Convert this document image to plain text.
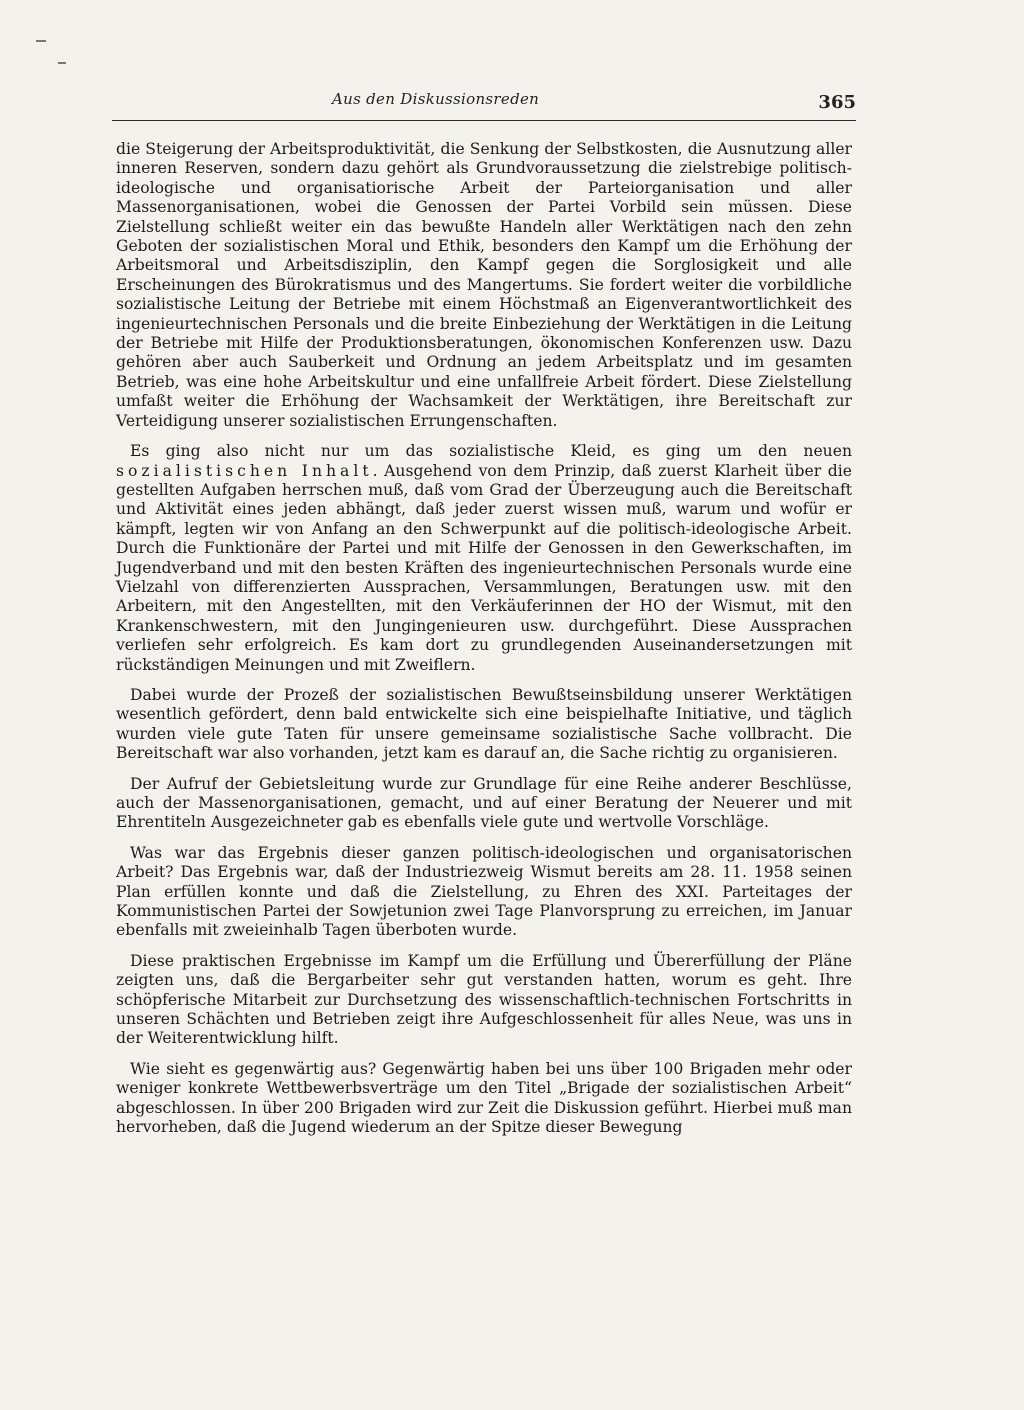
Aus den Diskussionsreden	365

die Steigerung der Arbeitsproduktivität, die Senkung der Selbstkosten, die Ausnutzung aller inneren Reserven, sondern dazu gehört als Grundvoraussetzung die zielstrebige politisch-ideologische und organisatiorische Arbeit der Parteiorganisation und aller Massenorganisationen, wobei die Genossen der Partei Vorbild sein müssen. Diese Zielstellung schließt weiter ein das bewußte Handeln aller Werktätigen nach den zehn Geboten der sozialistischen Moral und Ethik, besonders den Kampf um die Erhöhung der Arbeitsmoral und Arbeitsdisziplin, den Kampf gegen die Sorglosigkeit und alle Erscheinungen des Bürokratismus und des Mangertums. Sie fordert weiter die vorbildliche sozialistische Leitung der Betriebe mit einem Höchstmaß an Eigenverantwortlichkeit des ingenieurtechnischen Personals und die breite Einbeziehung der Werktätigen in die Leitung der Betriebe mit Hilfe der Produktionsberatungen, ökonomischen Konferenzen usw. Dazu gehören aber auch Sauberkeit und Ordnung an jedem Arbeitsplatz und im gesamten Betrieb, was eine hohe Arbeitskultur und eine unfallfreie Arbeit fördert. Diese Zielstellung umfaßt weiter die Erhöhung der Wachsamkeit der Werktätigen, ihre Bereitschaft zur Verteidigung unserer sozialistischen Errungenschaften.

Es ging also nicht nur um das sozialistische Kleid, es ging um den neuen sozialistischen Inhalt. Ausgehend von dem Prinzip, daß zuerst Klarheit über die gestellten Aufgaben herrschen muß, daß vom Grad der Überzeugung auch die Bereitschaft und Aktivität eines jeden abhängt, daß jeder zuerst wissen muß, warum und wofür er kämpft, legten wir von Anfang an den Schwerpunkt auf die politisch-ideologische Arbeit. Durch die Funktionäre der Partei und mit Hilfe der Genossen in den Gewerkschaften, im Jugendverband und mit den besten Kräften des ingenieurtechnischen Personals wurde eine Vielzahl von differenzierten Aussprachen, Versammlungen, Beratungen usw. mit den Arbeitern, mit den Angestellten, mit den Verkäuferinnen der HO der Wismut, mit den Krankenschwestern, mit den Jungingenieuren usw. durchgeführt. Diese Aussprachen verliefen sehr erfolgreich. Es kam dort zu grundlegenden Auseinandersetzungen mit rückständigen Meinungen und mit Zweiflern.

Dabei wurde der Prozeß der sozialistischen Bewußtseinsbildung unserer Werktätigen wesentlich gefördert, denn bald entwickelte sich eine beispielhafte Initiative, und täglich wurden viele gute Taten für unsere gemeinsame sozialistische Sache vollbracht. Die Bereitschaft war also vorhanden, jetzt kam es darauf an, die Sache richtig zu organisieren.

Der Aufruf der Gebietsleitung wurde zur Grundlage für eine Reihe anderer Beschlüsse, auch der Massenorganisationen, gemacht, und auf einer Beratung der Neuerer und mit Ehrentiteln Ausgezeichneter gab es ebenfalls viele gute und wertvolle Vorschläge.

Was war das Ergebnis dieser ganzen politisch-ideologischen und organisatorischen Arbeit? Das Ergebnis war, daß der Industriezweig Wismut bereits am 28. 11. 1958 seinen Plan erfüllen konnte und daß die Zielstellung, zu Ehren des XXI. Parteitages der Kommunistischen Partei der Sowjetunion zwei Tage Planvorsprung zu erreichen, im Januar ebenfalls mit zweieinhalb Tagen überboten wurde.

Diese praktischen Ergebnisse im Kampf um die Erfüllung und Übererfüllung der Pläne zeigten uns, daß die Bergarbeiter sehr gut verstanden hatten, worum es geht. Ihre schöpferische Mitarbeit zur Durchsetzung des wissenschaftlich-technischen Fortschritts in unseren Schächten und Betrieben zeigt ihre Aufgeschlossenheit für alles Neue, was uns in der Weiterentwicklung hilft.

Wie sieht es gegenwärtig aus? Gegenwärtig haben bei uns über 100 Brigaden mehr oder weniger konkrete Wettbewerbsverträge um den Titel „Brigade der sozialistischen Arbeit“ abgeschlossen. In über 200 Brigaden wird zur Zeit die Diskussion geführt. Hierbei muß man hervorheben, daß die Jugend wiederum an der Spitze dieser Bewegung
